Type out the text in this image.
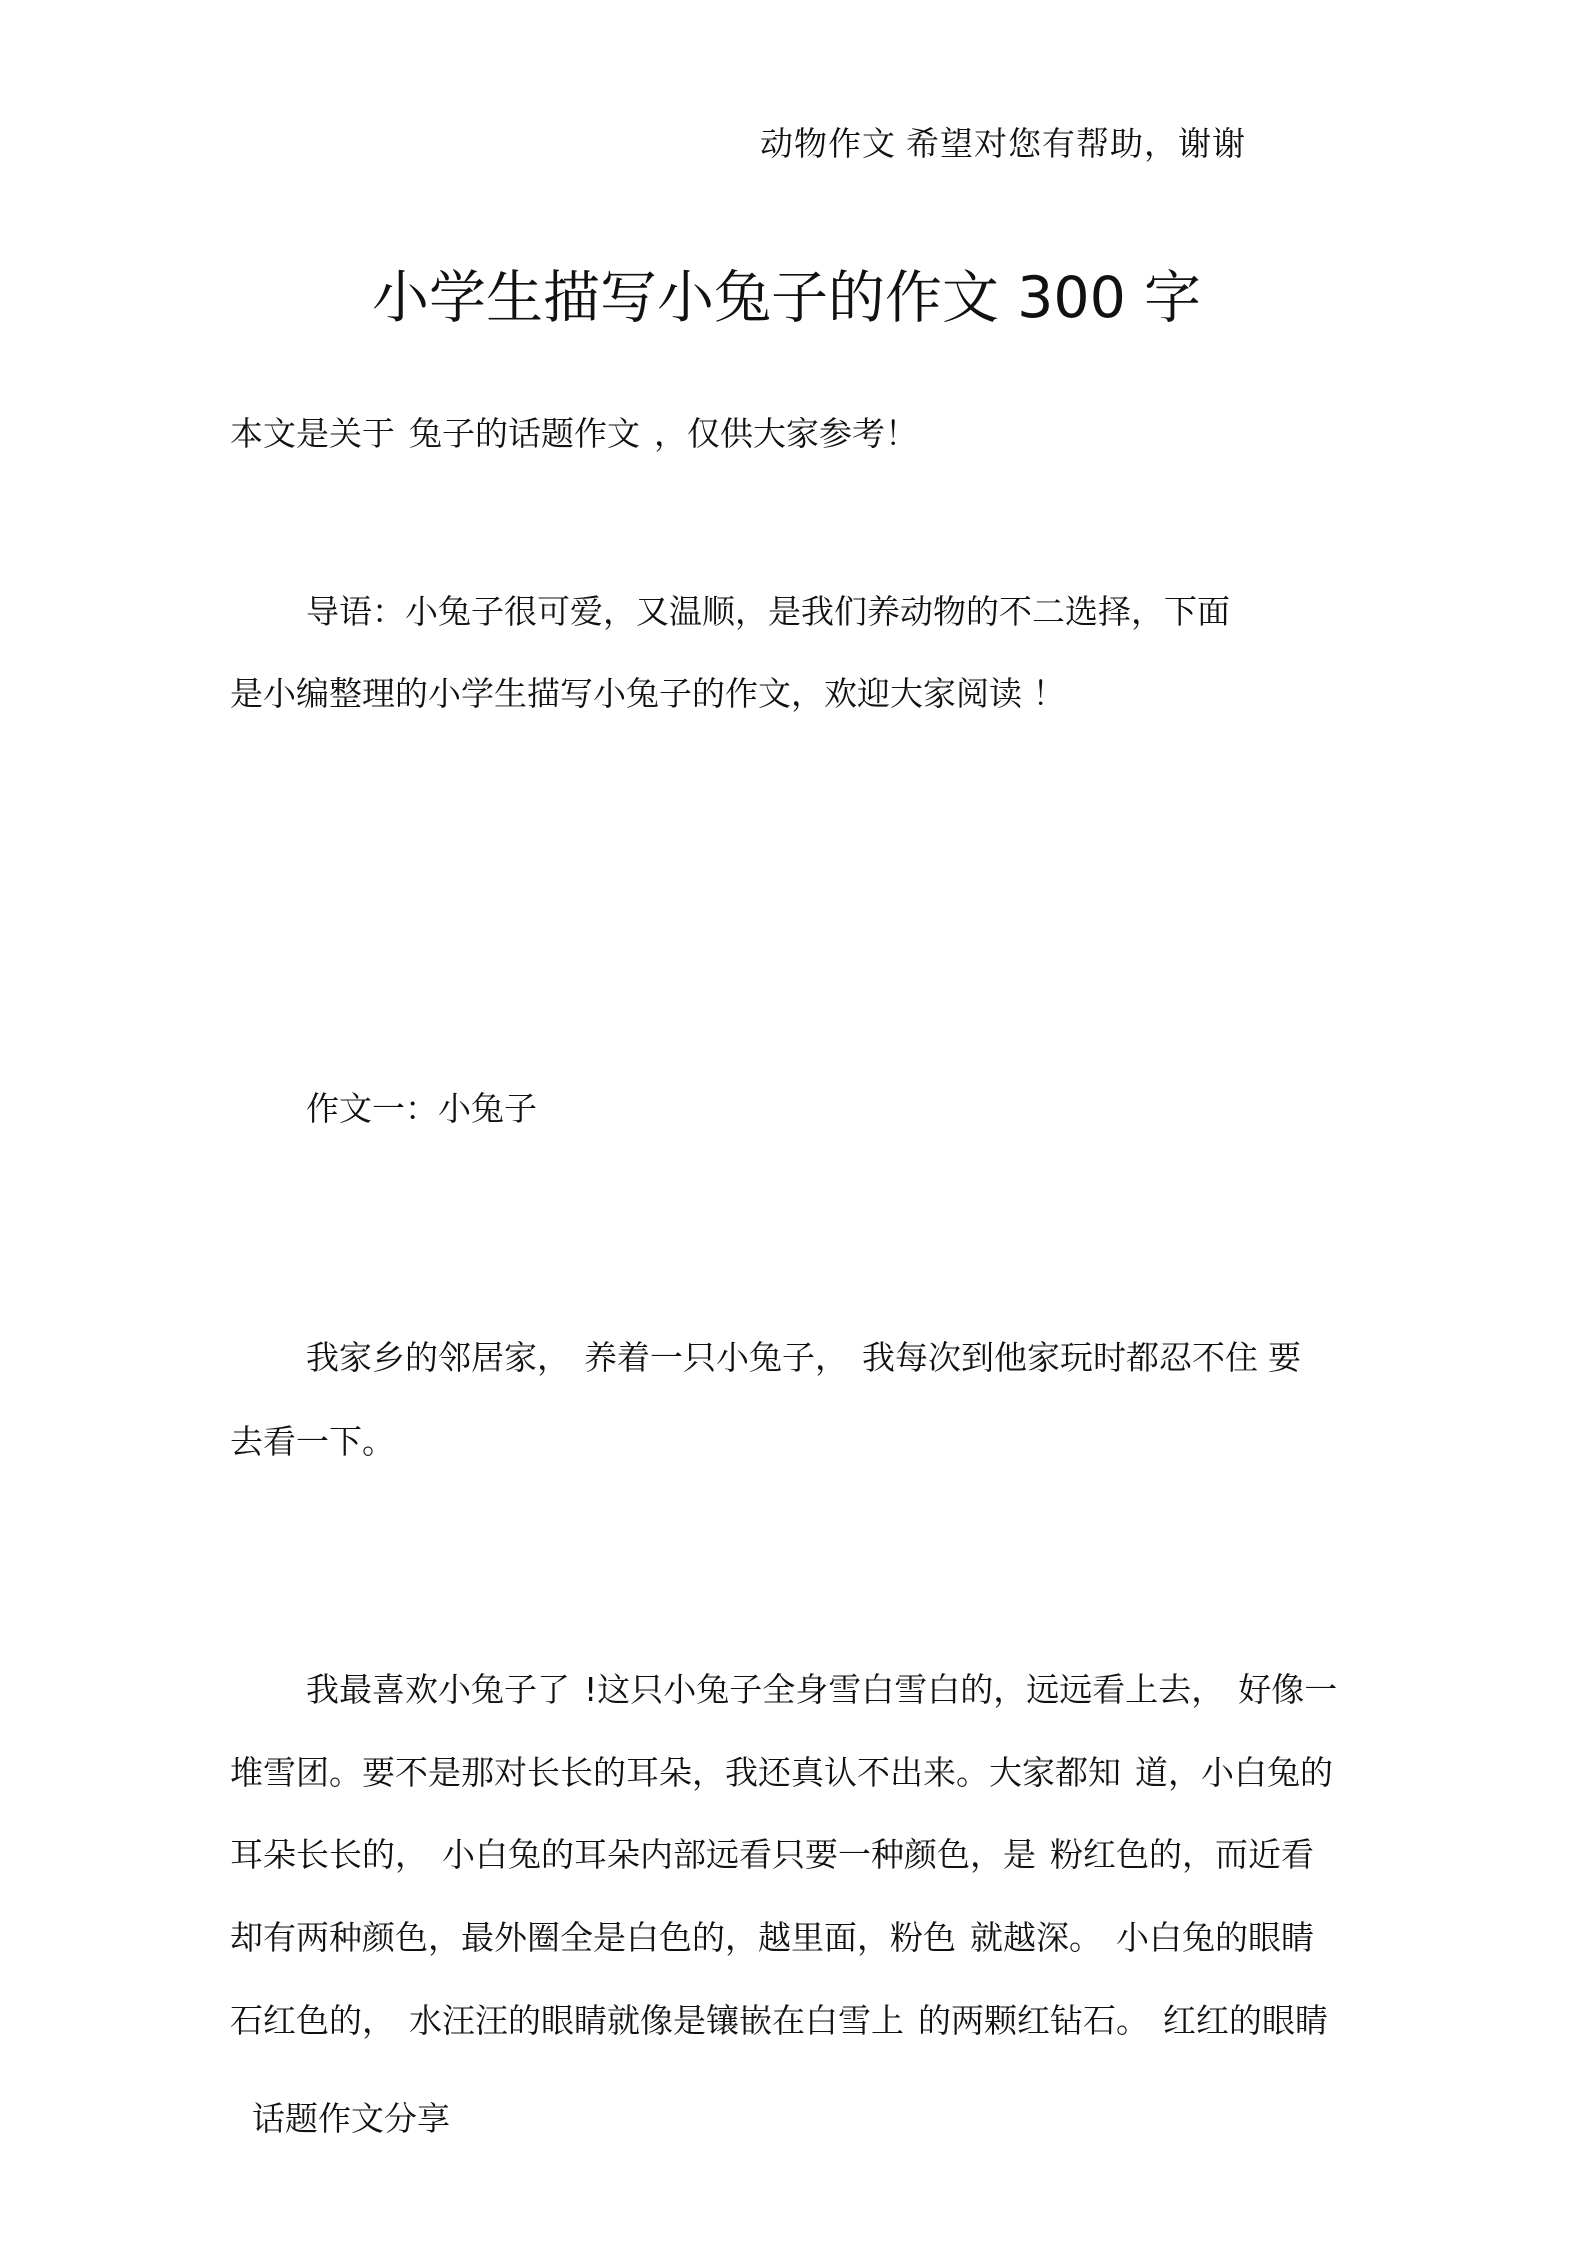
动物作文 希望对您有帮助，谢谢
小学生描写小兔子的作文 300 字
本文是关于 兔子的话题作文 ，仅供大家参考！
导语：小兔子很可爱，又温顺，是我们养动物的不二选择，下面
是小编整理的小学生描写小兔子的作文，欢迎大家阅读 ！
作文一：小兔子
我家乡的邻居家， 养着一只小兔子， 我每次到他家玩时都忍不住 要
去看一下。
我最喜欢小兔子了 !这只小兔子全身雪白雪白的，远远看上去， 好像一
堆雪团。要不是那对长长的耳朵，我还真认不出来。大家都知 道，小白兔的
耳朵长长的， 小白兔的耳朵内部远看只要一种颜色，是 粉红色的，而近看
却有两种颜色，最外圈全是白色的，越里面，粉色 就越深。 小白兔的眼睛
石红色的， 水汪汪的眼睛就像是镶嵌在白雪上 的两颗红钻石。 红红的眼睛
话题作文分享
